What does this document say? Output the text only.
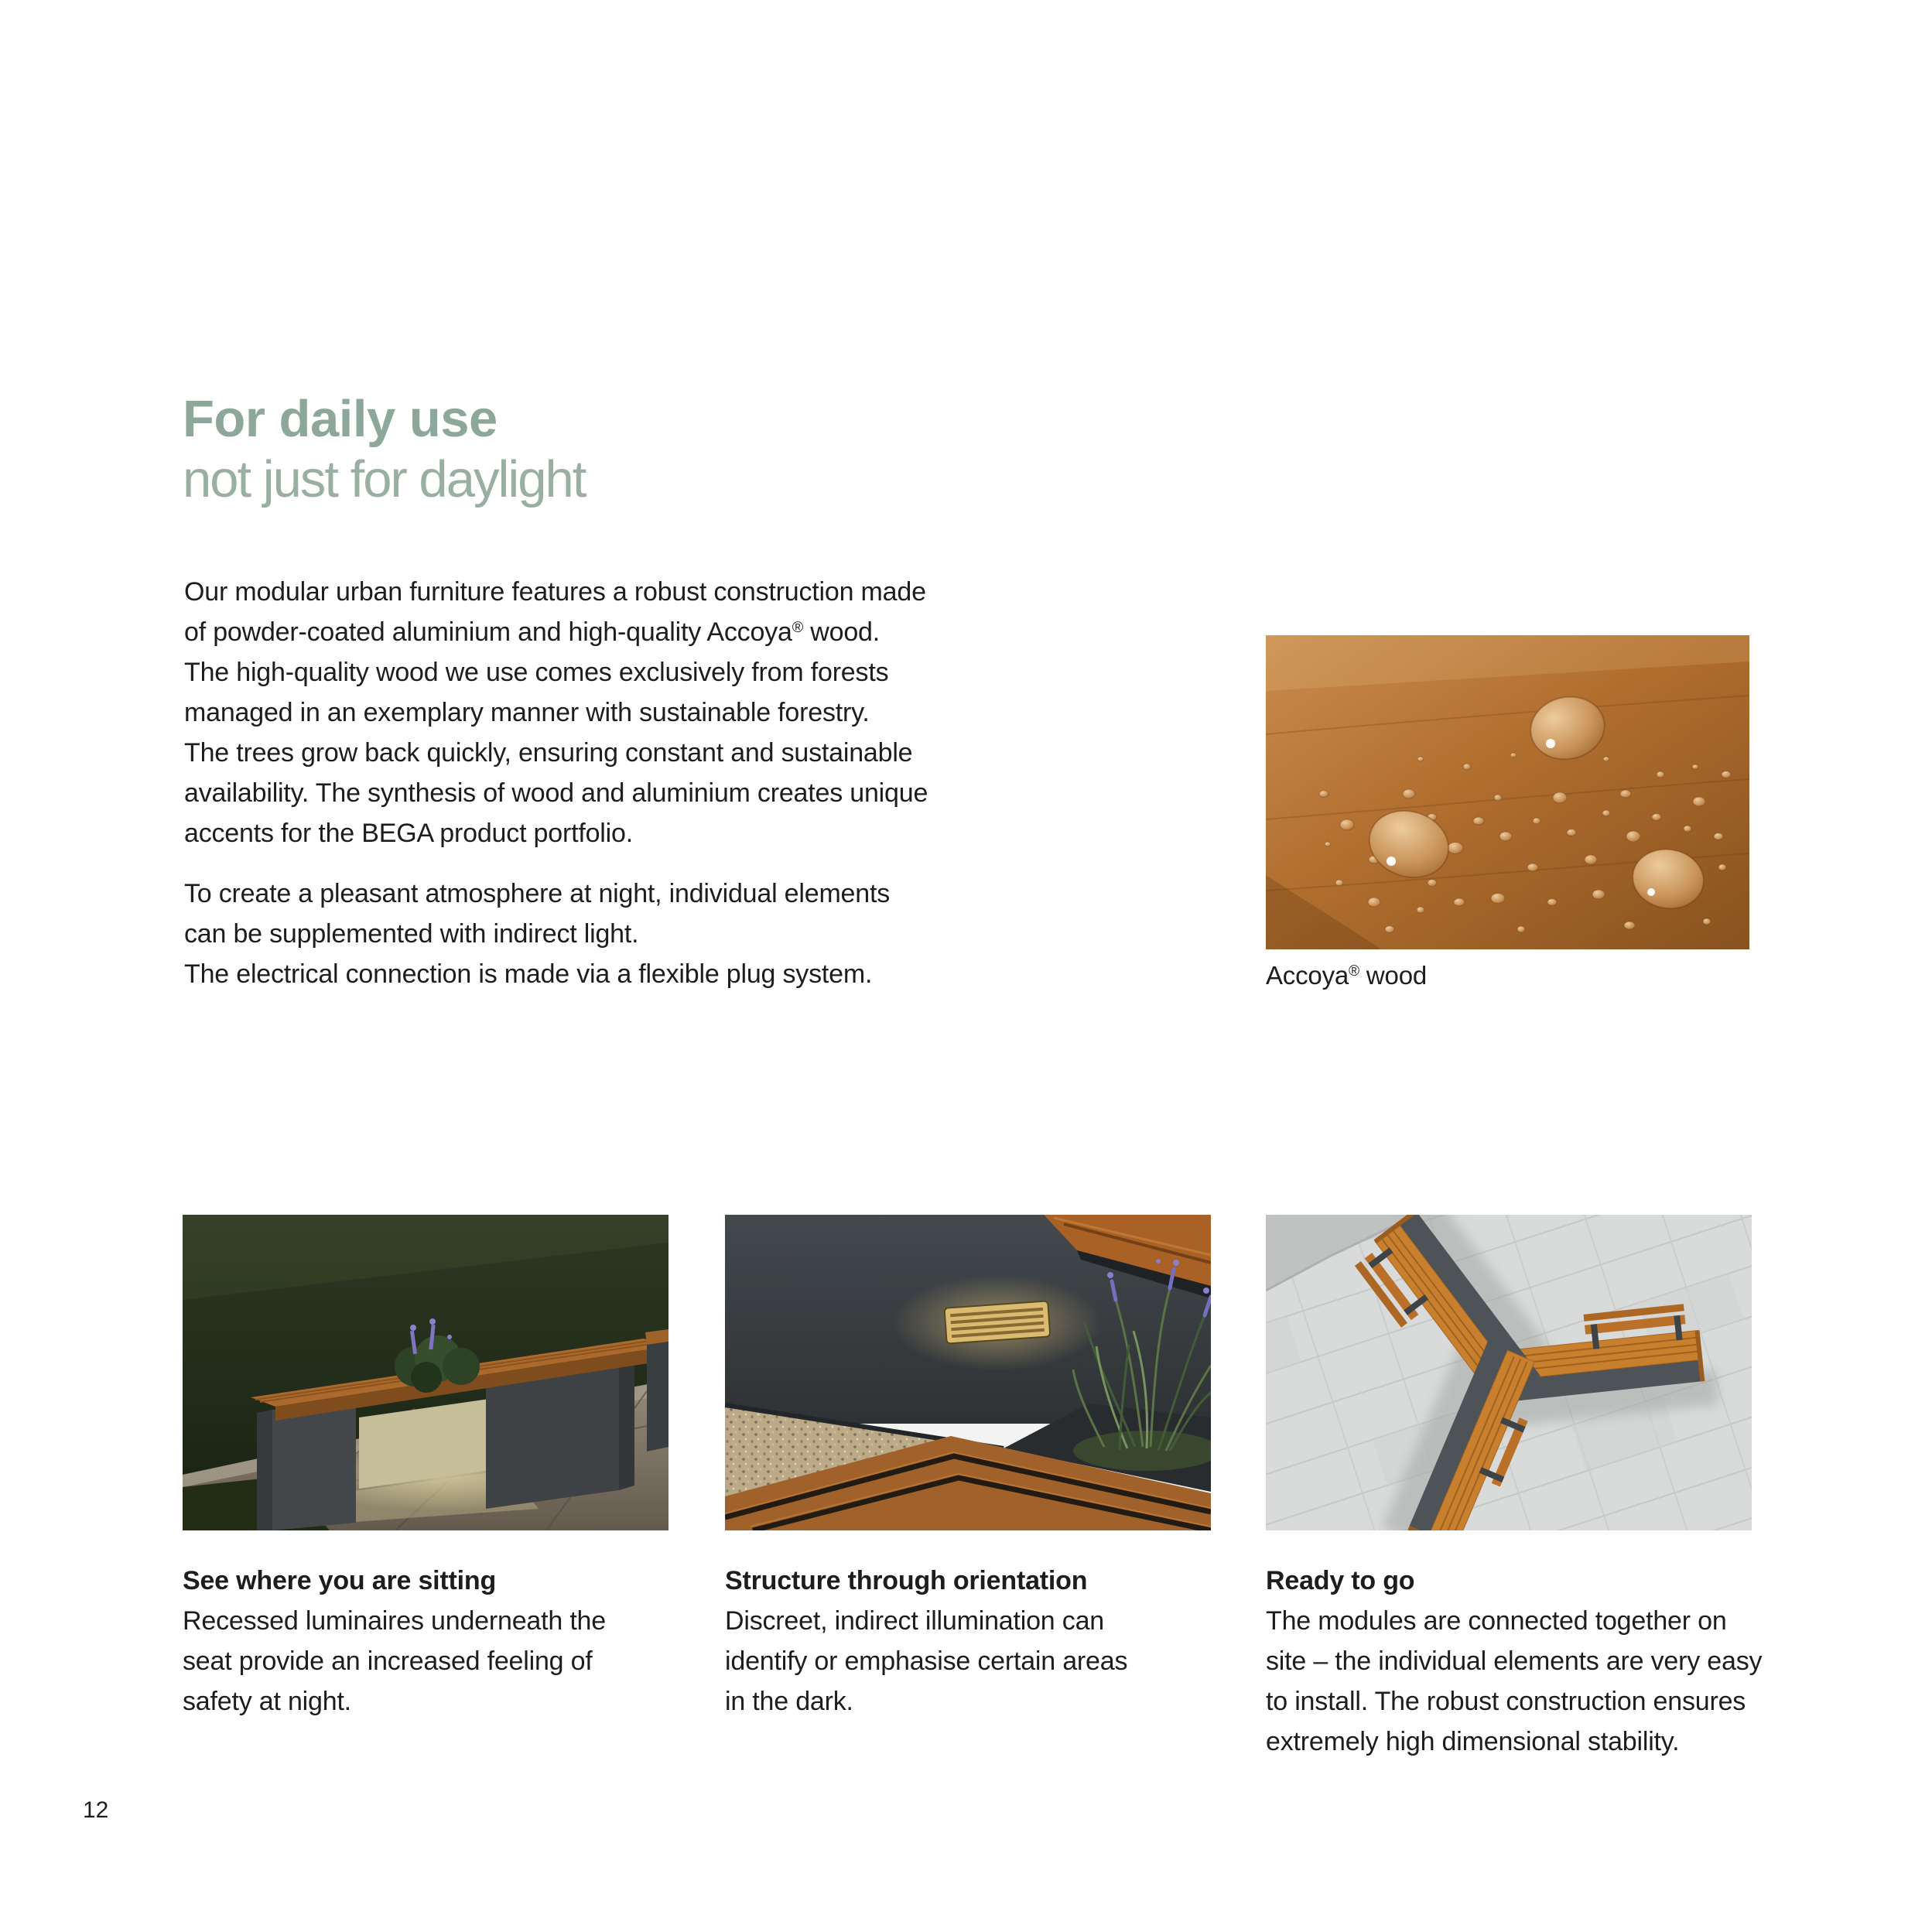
For daily use
not just for daylight
Our modular urban furniture features a robust construction made
of powder-coated aluminium and high-quality Accoya® wood.
The high-quality wood we use comes exclusively from forests
managed in an exemplary manner with sustainable forestry.
The trees grow back quickly, ensuring constant and sustainable
availability. The synthesis of wood and aluminium creates unique
accents for the BEGA product portfolio.
To create a pleasant atmosphere at night, individual elements
can be supplemented with indirect light.
The electrical connection is made via a flexible plug system.	Accoya® wood
See where you are sitting
Recessed luminaires underneath the
seat provide an increased feeling of
safety at night.
Structure through orientation
Discreet, indirect illumination can
identify or emphasise certain areas
in the dark.
Ready to go
The modules are connected together on
site – the individual elements are very easy
to install. The robust construction ensures
extremely high dimensional stability.
12
